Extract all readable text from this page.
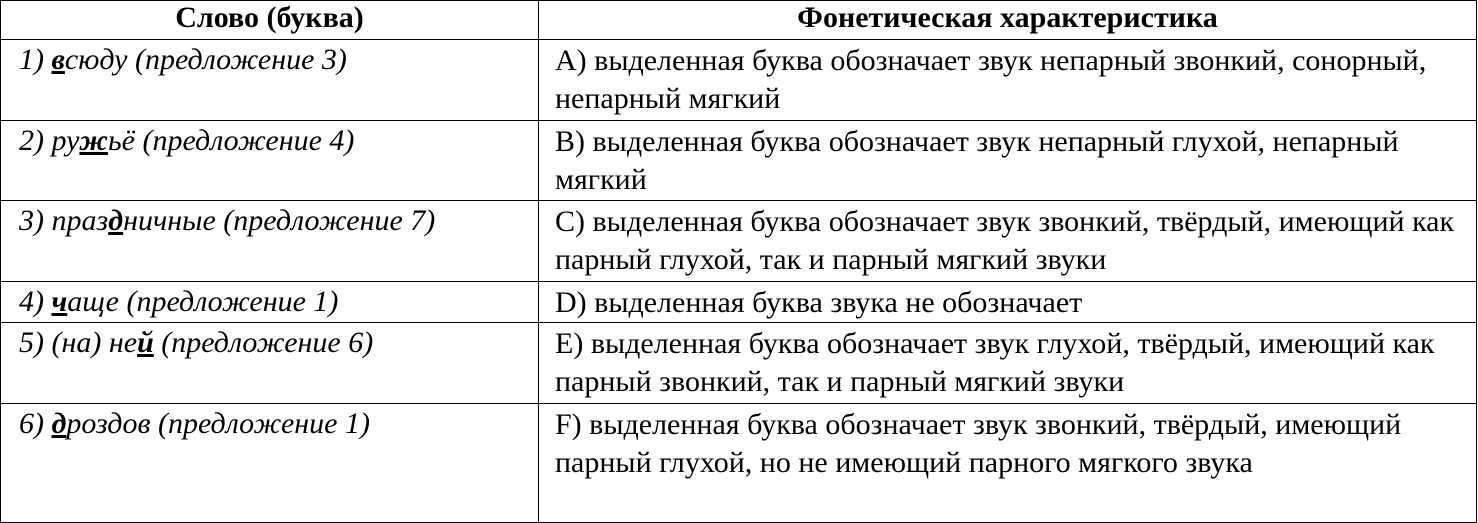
Слово (буква)	Фонетическая характеристика
1) всюду (предложение 3)	А) выделенная буква обозначает звук непарный звонкий, сонорный, непарный мягкий
2) ружьё (предложение 4)	В) выделенная буква обозначает звук непарный глухой, непарный мягкий
3) праздничные (предложение 7)	С) выделенная буква обозначает звук звонкий, твёрдый, имеющий как парный глухой, так и парный мягкий звуки
4) чаще (предложение 1)	D) выделенная буква звука не обозначает
5) (на) ней (предложение 6)	Е) выделенная буква обозначает звук глухой, твёрдый, имеющий как парный звонкий, так и парный мягкий звуки
6) дроздов (предложение 1)	F) выделенная буква обозначает звук звонкий, твёрдый, имеющий парный глухой, но не имеющий парного мягкого звука
